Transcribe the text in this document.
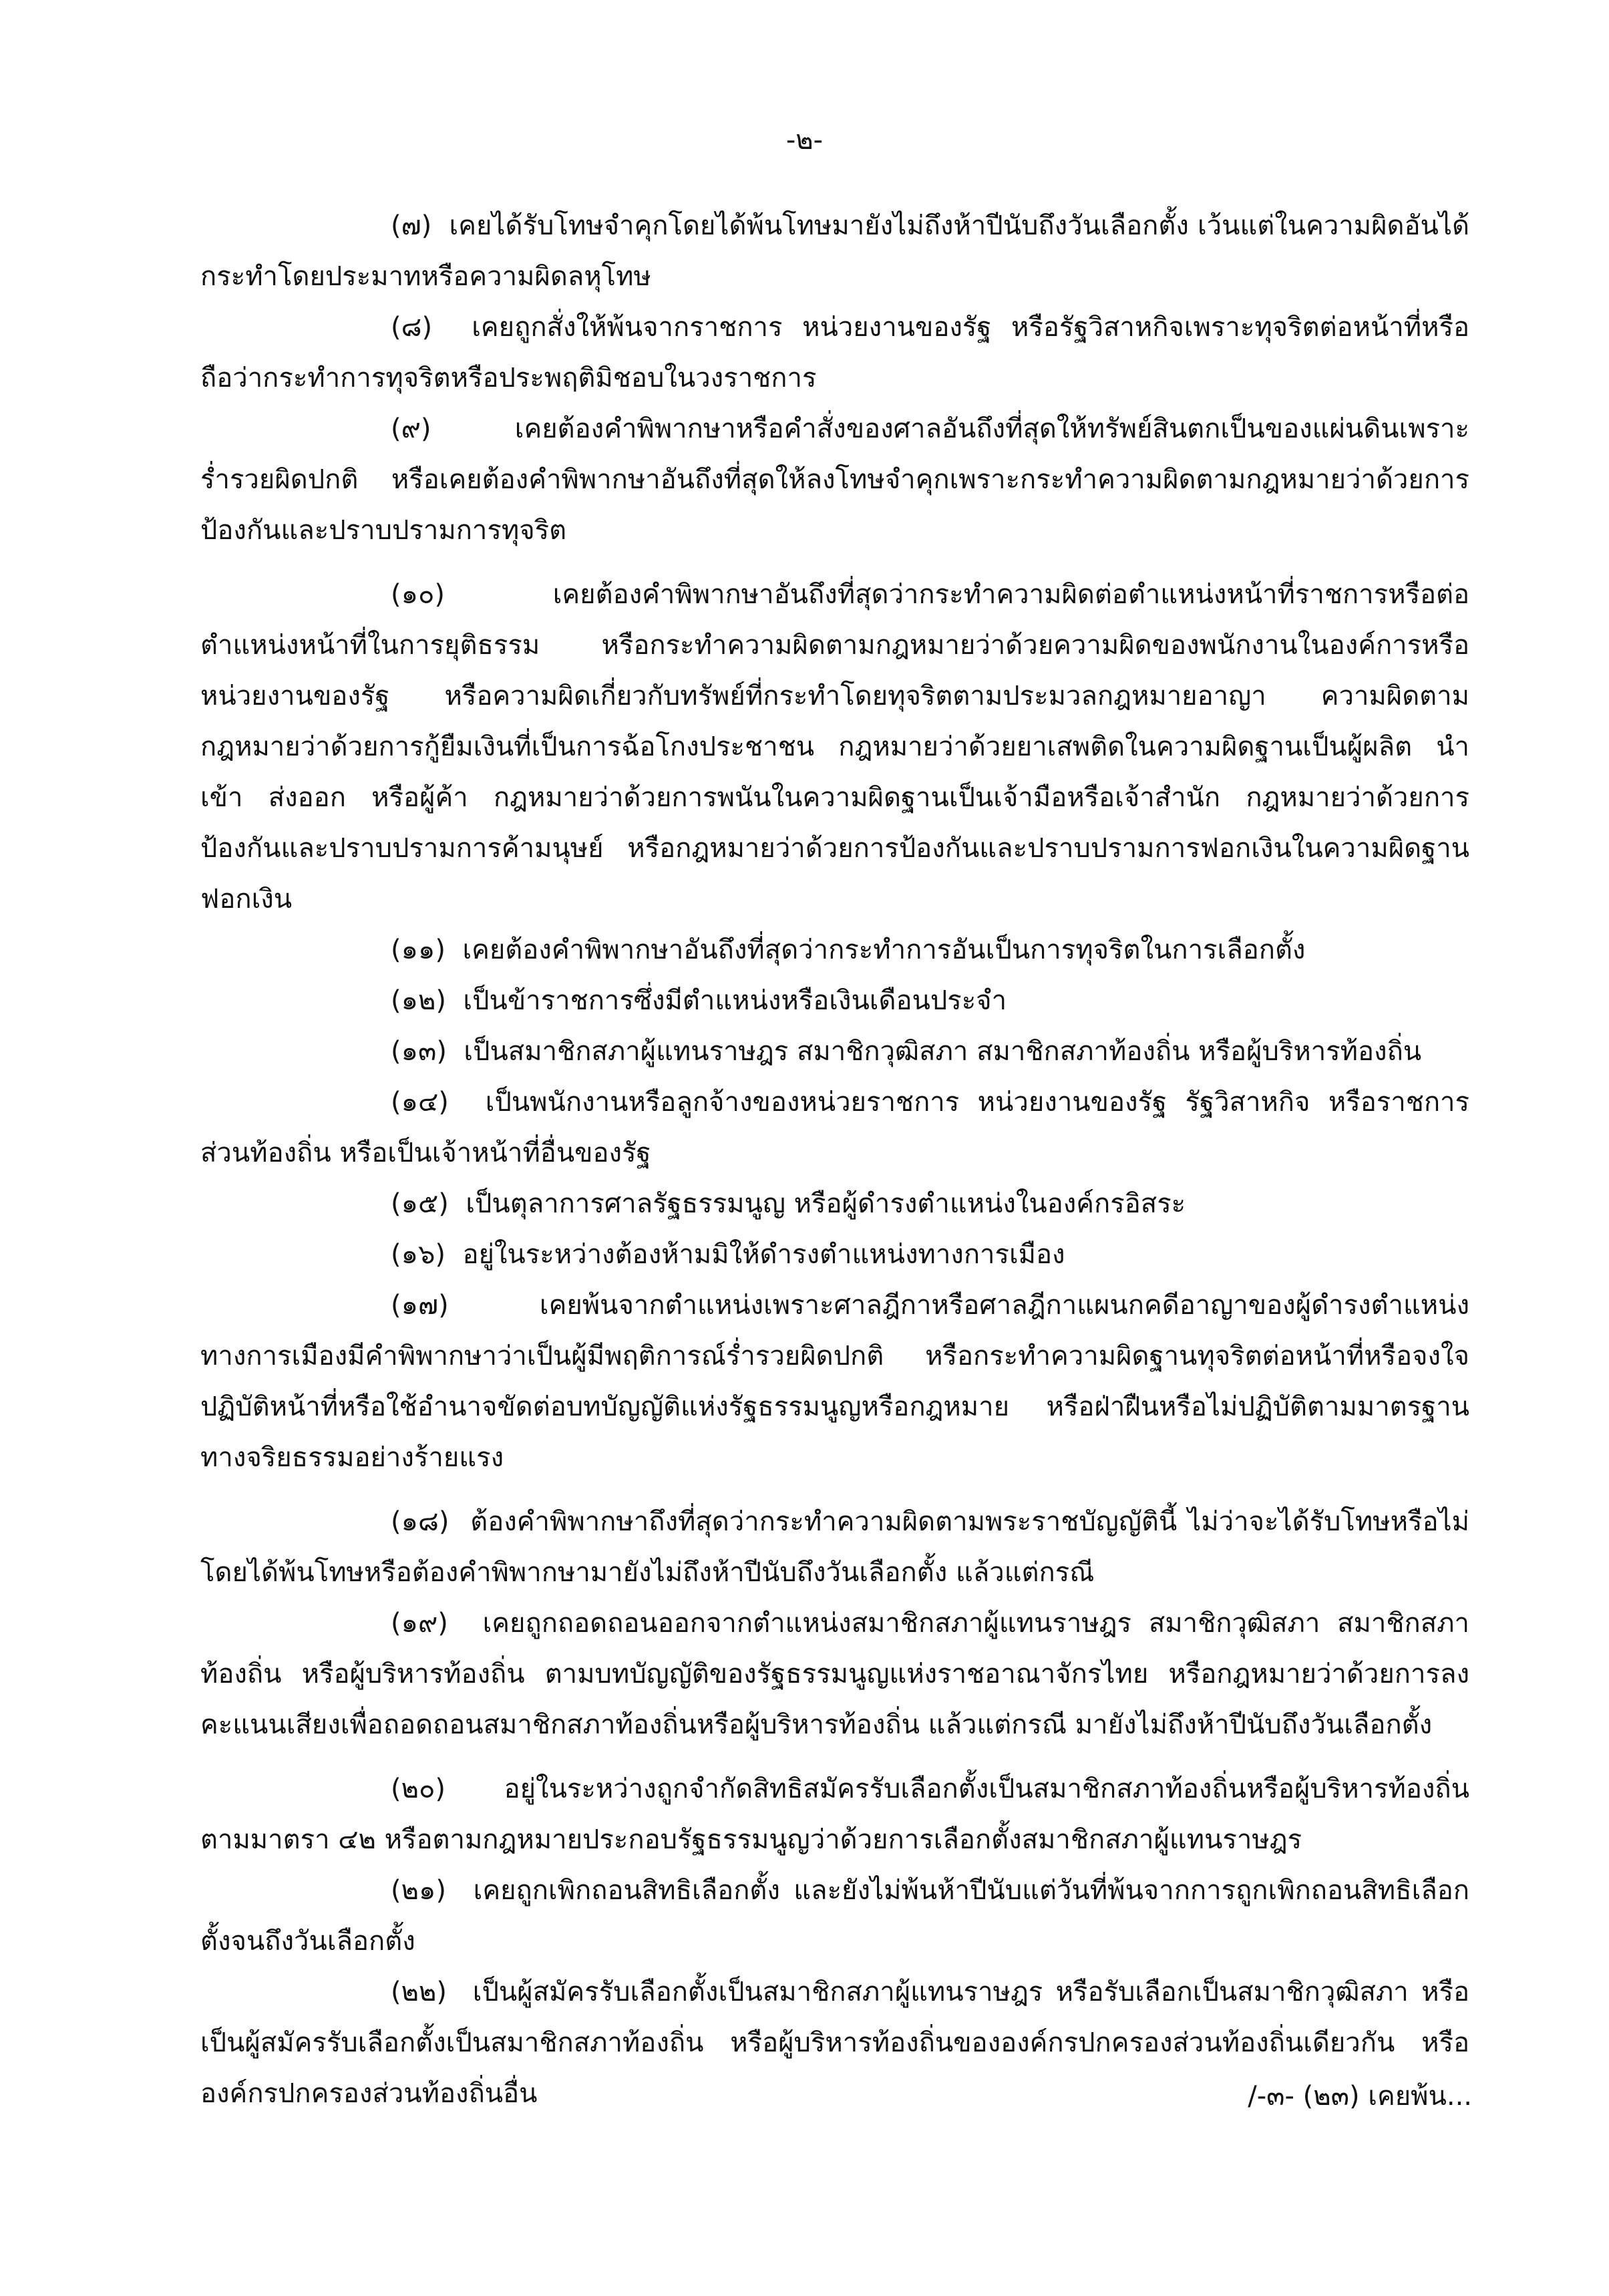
-๒-

(๗) เคยได้รับโทษจำคุกโดยได้พ้นโทษมายังไม่ถึงห้าปีนับถึงวันเลือกตั้ง เว้นแต่ในความผิดอันได้กระทำโดยประมาทหรือความผิดลหุโทษ

(๘) เคยถูกสั่งให้พ้นจากราชการ หน่วยงานของรัฐ หรือรัฐวิสาหกิจเพราะทุจริตต่อหน้าที่หรือถือว่ากระทำการทุจริตหรือประพฤติมิชอบในวงราชการ

(๙)	เคยต้องคำพิพากษาหรือคำสั่งของศาลอันถึงที่สุดให้ทรัพย์สินตกเป็นของแผ่นดินเพราะร่ำรวยผิดปกติ หรือเคยต้องคำพิพากษาอันถึงที่สุดให้ลงโทษจำคุกเพราะกระทำความผิดตามกฎหมายว่าด้วยการป้องกันและปราบปรามการทุจริต

(๑๐)	เคยต้องคำพิพากษาอันถึงที่สุดว่ากระทำความผิดต่อตำแหน่งหน้าที่ราชการหรือต่อตำแหน่งหน้าที่ในการยุติธรรม หรือกระทำความผิดตามกฎหมายว่าด้วยความผิดของพนักงานในองค์การหรือหน่วยงานของรัฐ หรือความผิดเกี่ยวกับทรัพย์ที่กระทำโดยทุจริตตามประมวลกฎหมายอาญา ความผิดตามกฎหมายว่าด้วยการกู้ยืมเงินที่เป็นการฉ้อโกงประชาชน กฎหมายว่าด้วยยาเสพติดในความผิดฐานเป็นผู้ผลิต นำเข้า ส่งออก หรือผู้ค้า กฎหมายว่าด้วยการพนันในความผิดฐานเป็นเจ้ามือหรือเจ้าสำนัก กฎหมายว่าด้วยการป้องกันและปราบปรามการค้ามนุษย์ หรือกฎหมายว่าด้วยการป้องกันและปราบปรามการฟอกเงินในความผิดฐานฟอกเงิน

(๑๑) เคยต้องคำพิพากษาอันถึงที่สุดว่ากระทำการอันเป็นการทุจริตในการเลือกตั้ง

(๑๒) เป็นข้าราชการซึ่งมีตำแหน่งหรือเงินเดือนประจำ

(๑๓) เป็นสมาชิกสภาผู้แทนราษฎร สมาชิกวุฒิสภา สมาชิกสภาท้องถิ่น หรือผู้บริหารท้องถิ่น

(๑๔) เป็นพนักงานหรือลูกจ้างของหน่วยราชการ หน่วยงานของรัฐ รัฐวิสาหกิจ หรือราชการส่วนท้องถิ่น หรือเป็นเจ้าหน้าที่อื่นของรัฐ

(๑๕) เป็นตุลาการศาลรัฐธรรมนูญ หรือผู้ดำรงตำแหน่งในองค์กรอิสระ

(๑๖) อยู่ในระหว่างต้องห้ามมิให้ดำรงตำแหน่งทางการเมือง

(๑๗)	เคยพ้นจากตำแหน่งเพราะศาลฎีกาหรือศาลฎีกาแผนกคดีอาญาของผู้ดำรงตำแหน่งทางการเมืองมีคำพิพากษาว่าเป็นผู้มีพฤติการณ์ร่ำรวยผิดปกติ หรือกระทำความผิดฐานทุจริตต่อหน้าที่หรือจงใจปฏิบัติหน้าที่หรือใช้อำนาจขัดต่อบทบัญญัติแห่งรัฐธรรมนูญหรือกฎหมาย หรือฝ่าฝืนหรือไม่ปฏิบัติตามมาตรฐานทางจริยธรรมอย่างร้ายแรง

(๑๘) ต้องคำพิพากษาถึงที่สุดว่ากระทำความผิดตามพระราชบัญญัตินี้ ไม่ว่าจะได้รับโทษหรือไม่ โดยได้พ้นโทษหรือต้องคำพิพากษามายังไม่ถึงห้าปีนับถึงวันเลือกตั้ง แล้วแต่กรณี

(๑๙) เคยถูกถอดถอนออกจากตำแหน่งสมาชิกสภาผู้แทนราษฎร สมาชิกวุฒิสภา สมาชิกสภาท้องถิ่น หรือผู้บริหารท้องถิ่น ตามบทบัญญัติของรัฐธรรมนูญแห่งราชอาณาจักรไทย หรือกฎหมายว่าด้วยการลงคะแนนเสียงเพื่อถอดถอนสมาชิกสภาท้องถิ่นหรือผู้บริหารท้องถิ่น แล้วแต่กรณี มายังไม่ถึงห้าปีนับถึงวันเลือกตั้ง

(๒๐) อยู่ในระหว่างถูกจำกัดสิทธิสมัครรับเลือกตั้งเป็นสมาชิกสภาท้องถิ่นหรือผู้บริหารท้องถิ่นตามมาตรา ๔๒ หรือตามกฎหมายประกอบรัฐธรรมนูญว่าด้วยการเลือกตั้งสมาชิกสภาผู้แทนราษฎร

(๒๑) เคยถูกเพิกถอนสิทธิเลือกตั้ง และยังไม่พ้นห้าปีนับแต่วันที่พ้นจากการถูกเพิกถอนสิทธิเลือกตั้งจนถึงวันเลือกตั้ง

(๒๒) เป็นผู้สมัครรับเลือกตั้งเป็นสมาชิกสภาผู้แทนราษฎร หรือรับเลือกเป็นสมาชิกวุฒิสภา หรือเป็นผู้สมัครรับเลือกตั้งเป็นสมาชิกสภาท้องถิ่น หรือผู้บริหารท้องถิ่นขององค์กรปกครองส่วนท้องถิ่นเดียวกัน หรือองค์กรปกครองส่วนท้องถิ่นอื่น	/-๓- (๒๓) เคยพ้น...
